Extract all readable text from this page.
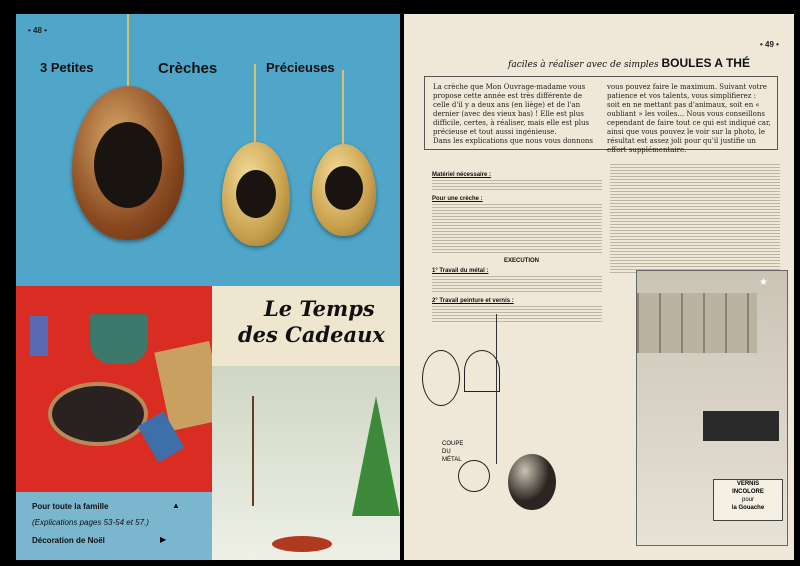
• 48 •
3 Petites	Crèches	Précieuses
Le Temps
des Cadeaux
Pour toute la famille	▲
(Explications pages 53-54 et 57.)
Décoration de Noël	▶
• 49 •
faciles à réaliser avec de simples BOULES A THÉ
La crèche que Mon Ouvrage-madame vous propose cette année est très différente de celle d'il y a deux ans (en liège) et de l'an dernier (avec des vieux bas) ! Elle est plus difficile, certes, à réaliser, mais elle est plus précieuse et tout aussi ingénieuse.
Dans les explications que nous vous donnons
vous pouvez faire le maximum. Suivant votre patience et vos talents, vous simplifierez : soit en ne mettant pas d'animaux, soit en « oubliant » les voiles... Nous vous conseillons cependant de faire tout ce qui est indiqué car, ainsi que vous pouvez le voir sur la photo, le résultat est assez joli pour qu'il justifie un effort supplémentaire.
Matériel nécessaire :
Pour une crèche :
EXECUTION
1° Travail du métal :
2° Travail peinture et vernis :
COUPE DU MÉTAL
VERNIS
INCOLORE
pour
la Gouache
★
